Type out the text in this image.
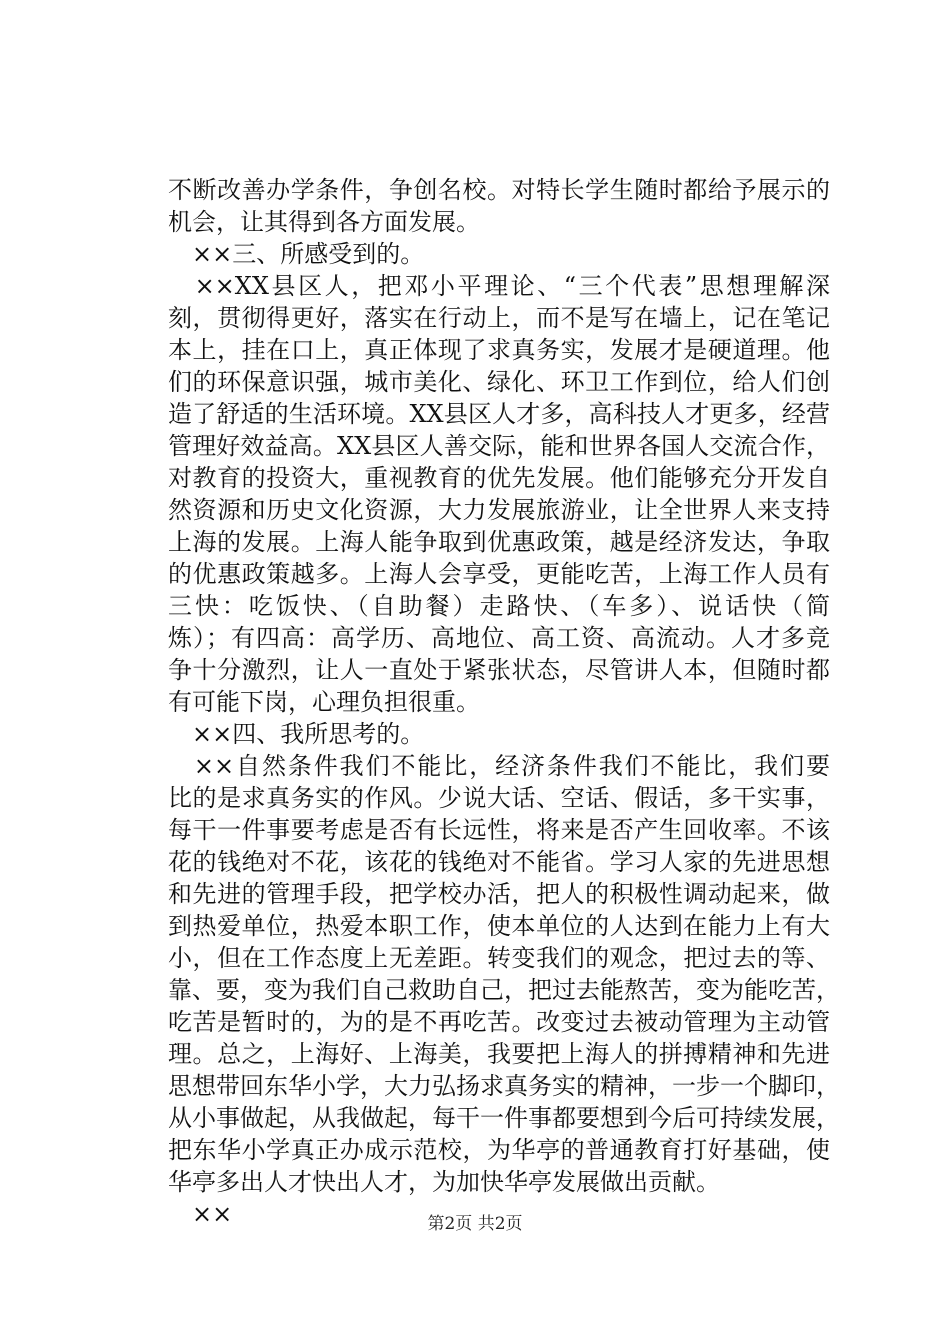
不断改善办学条件，争创名校。对特长学生随时都给予展示的
机会，让其得到各方面发展。
　××三、所感受到的。
　××XX县区人，把邓小平理论、“三个代表”思想理解深
刻，贯彻得更好，落实在行动上，而不是写在墙上，记在笔记
本上，挂在口上，真正体现了求真务实，发展才是硬道理。他
们的环保意识强，城市美化、绿化、环卫工作到位，给人们创
造了舒适的生活环境。XX县区人才多，高科技人才更多，经营
管理好效益高。XX县区人善交际，能和世界各国人交流合作，
对教育的投资大，重视教育的优先发展。他们能够充分开发自
然资源和历史文化资源，大力发展旅游业，让全世界人来支持
上海的发展。上海人能争取到优惠政策，越是经济发达，争取
的优惠政策越多。上海人会享受，更能吃苦，上海工作人员有
三快：吃饭快、（自助餐）走路快、（车多）、说话快（简
炼）；有四高：高学历、高地位、高工资、高流动。人才多竞
争十分激烈，让人一直处于紧张状态，尽管讲人本，但随时都
有可能下岗，心理负担很重。
　××四、我所思考的。
　××自然条件我们不能比，经济条件我们不能比，我们要
比的是求真务实的作风。少说大话、空话、假话，多干实事，
每干一件事要考虑是否有长远性，将来是否产生回收率。不该
花的钱绝对不花，该花的钱绝对不能省。学习人家的先进思想
和先进的管理手段，把学校办活，把人的积极性调动起来，做
到热爱单位，热爱本职工作，使本单位的人达到在能力上有大
小，但在工作态度上无差距。转变我们的观念，把过去的等、
靠、要，变为我们自己救助自己，把过去能熬苦，变为能吃苦，
吃苦是暂时的，为的是不再吃苦。改变过去被动管理为主动管
理。总之，上海好、上海美，我要把上海人的拼搏精神和先进
思想带回东华小学，大力弘扬求真务实的精神，一步一个脚印，
从小事做起，从我做起，每干一件事都要想到今后可持续发展，
把东华小学真正办成示范校，为华亭的普通教育打好基础，使
华亭多出人才快出人才，为加快华亭发展做出贡献。
　××	第2页 共2页
